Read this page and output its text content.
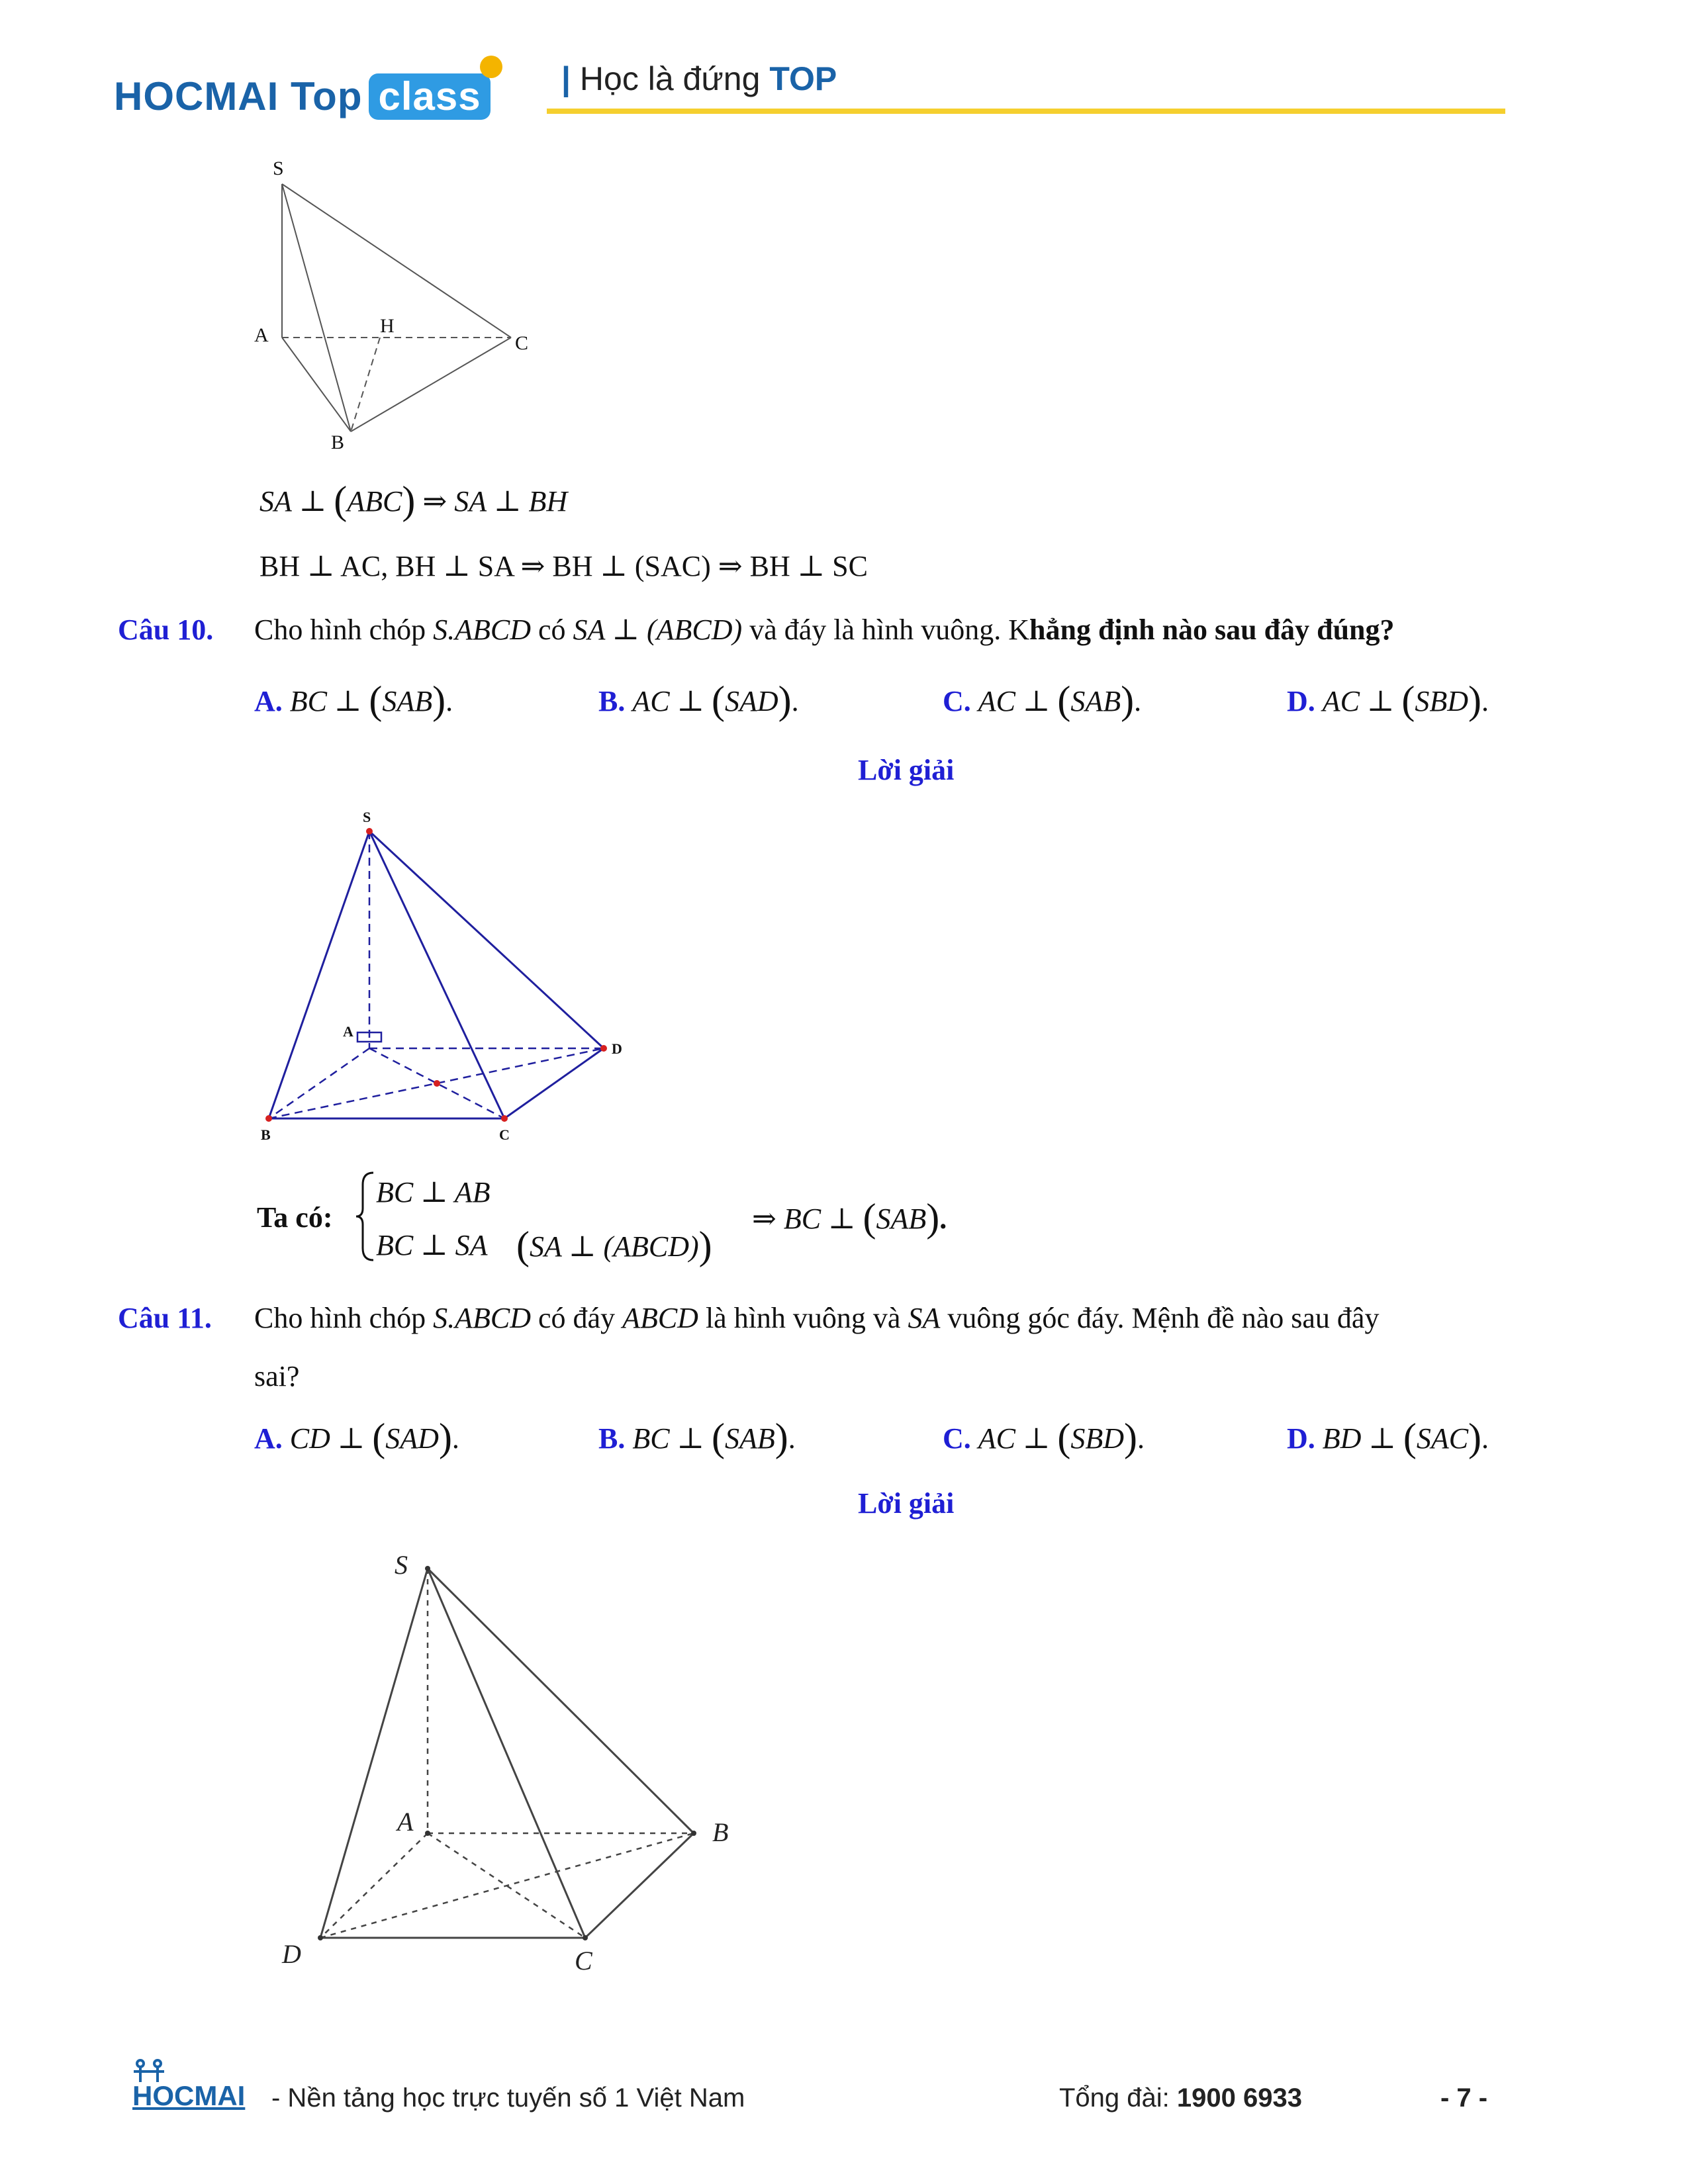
HOCMAI Top class	| Học là đứng TOP
S
A	H
C
B
SA ⊥ (ABC) ⇒ SA ⊥ BH
BH ⊥ AC, BH ⊥ SA ⇒ BH ⊥ (SAC) ⇒ BH ⊥ SC
Câu 10. Cho hình chóp S.ABCD có SA ⊥ (ABCD) và đáy là hình vuông. Khẳng định nào sau đây đúng?
A. BC ⊥ (SAB).	B. AC ⊥ (SAD).	C. AC ⊥ (SAB).	D. AC ⊥ (SBD).
Lời giải
S
A
D
B	C
Ta có:
BC ⊥ AB
BC ⊥ SA (SA ⊥ (ABCD))
⇒ BC ⊥ (SAB).
Câu 11. Cho hình chóp S.ABCD có đáy ABCD là hình vuông và SA vuông góc đáy. Mệnh đề nào sau đây
sai?
A. CD ⊥ (SAD).	B. BC ⊥ (SAB).	C. AC ⊥ (SBD).	D. BD ⊥ (SAC).
Lời giải
S
A	B
D	C
HOCMAI - Nền tảng học trực tuyến số 1 Việt Nam	Tổng đài: 1900 6933	- 7 -
